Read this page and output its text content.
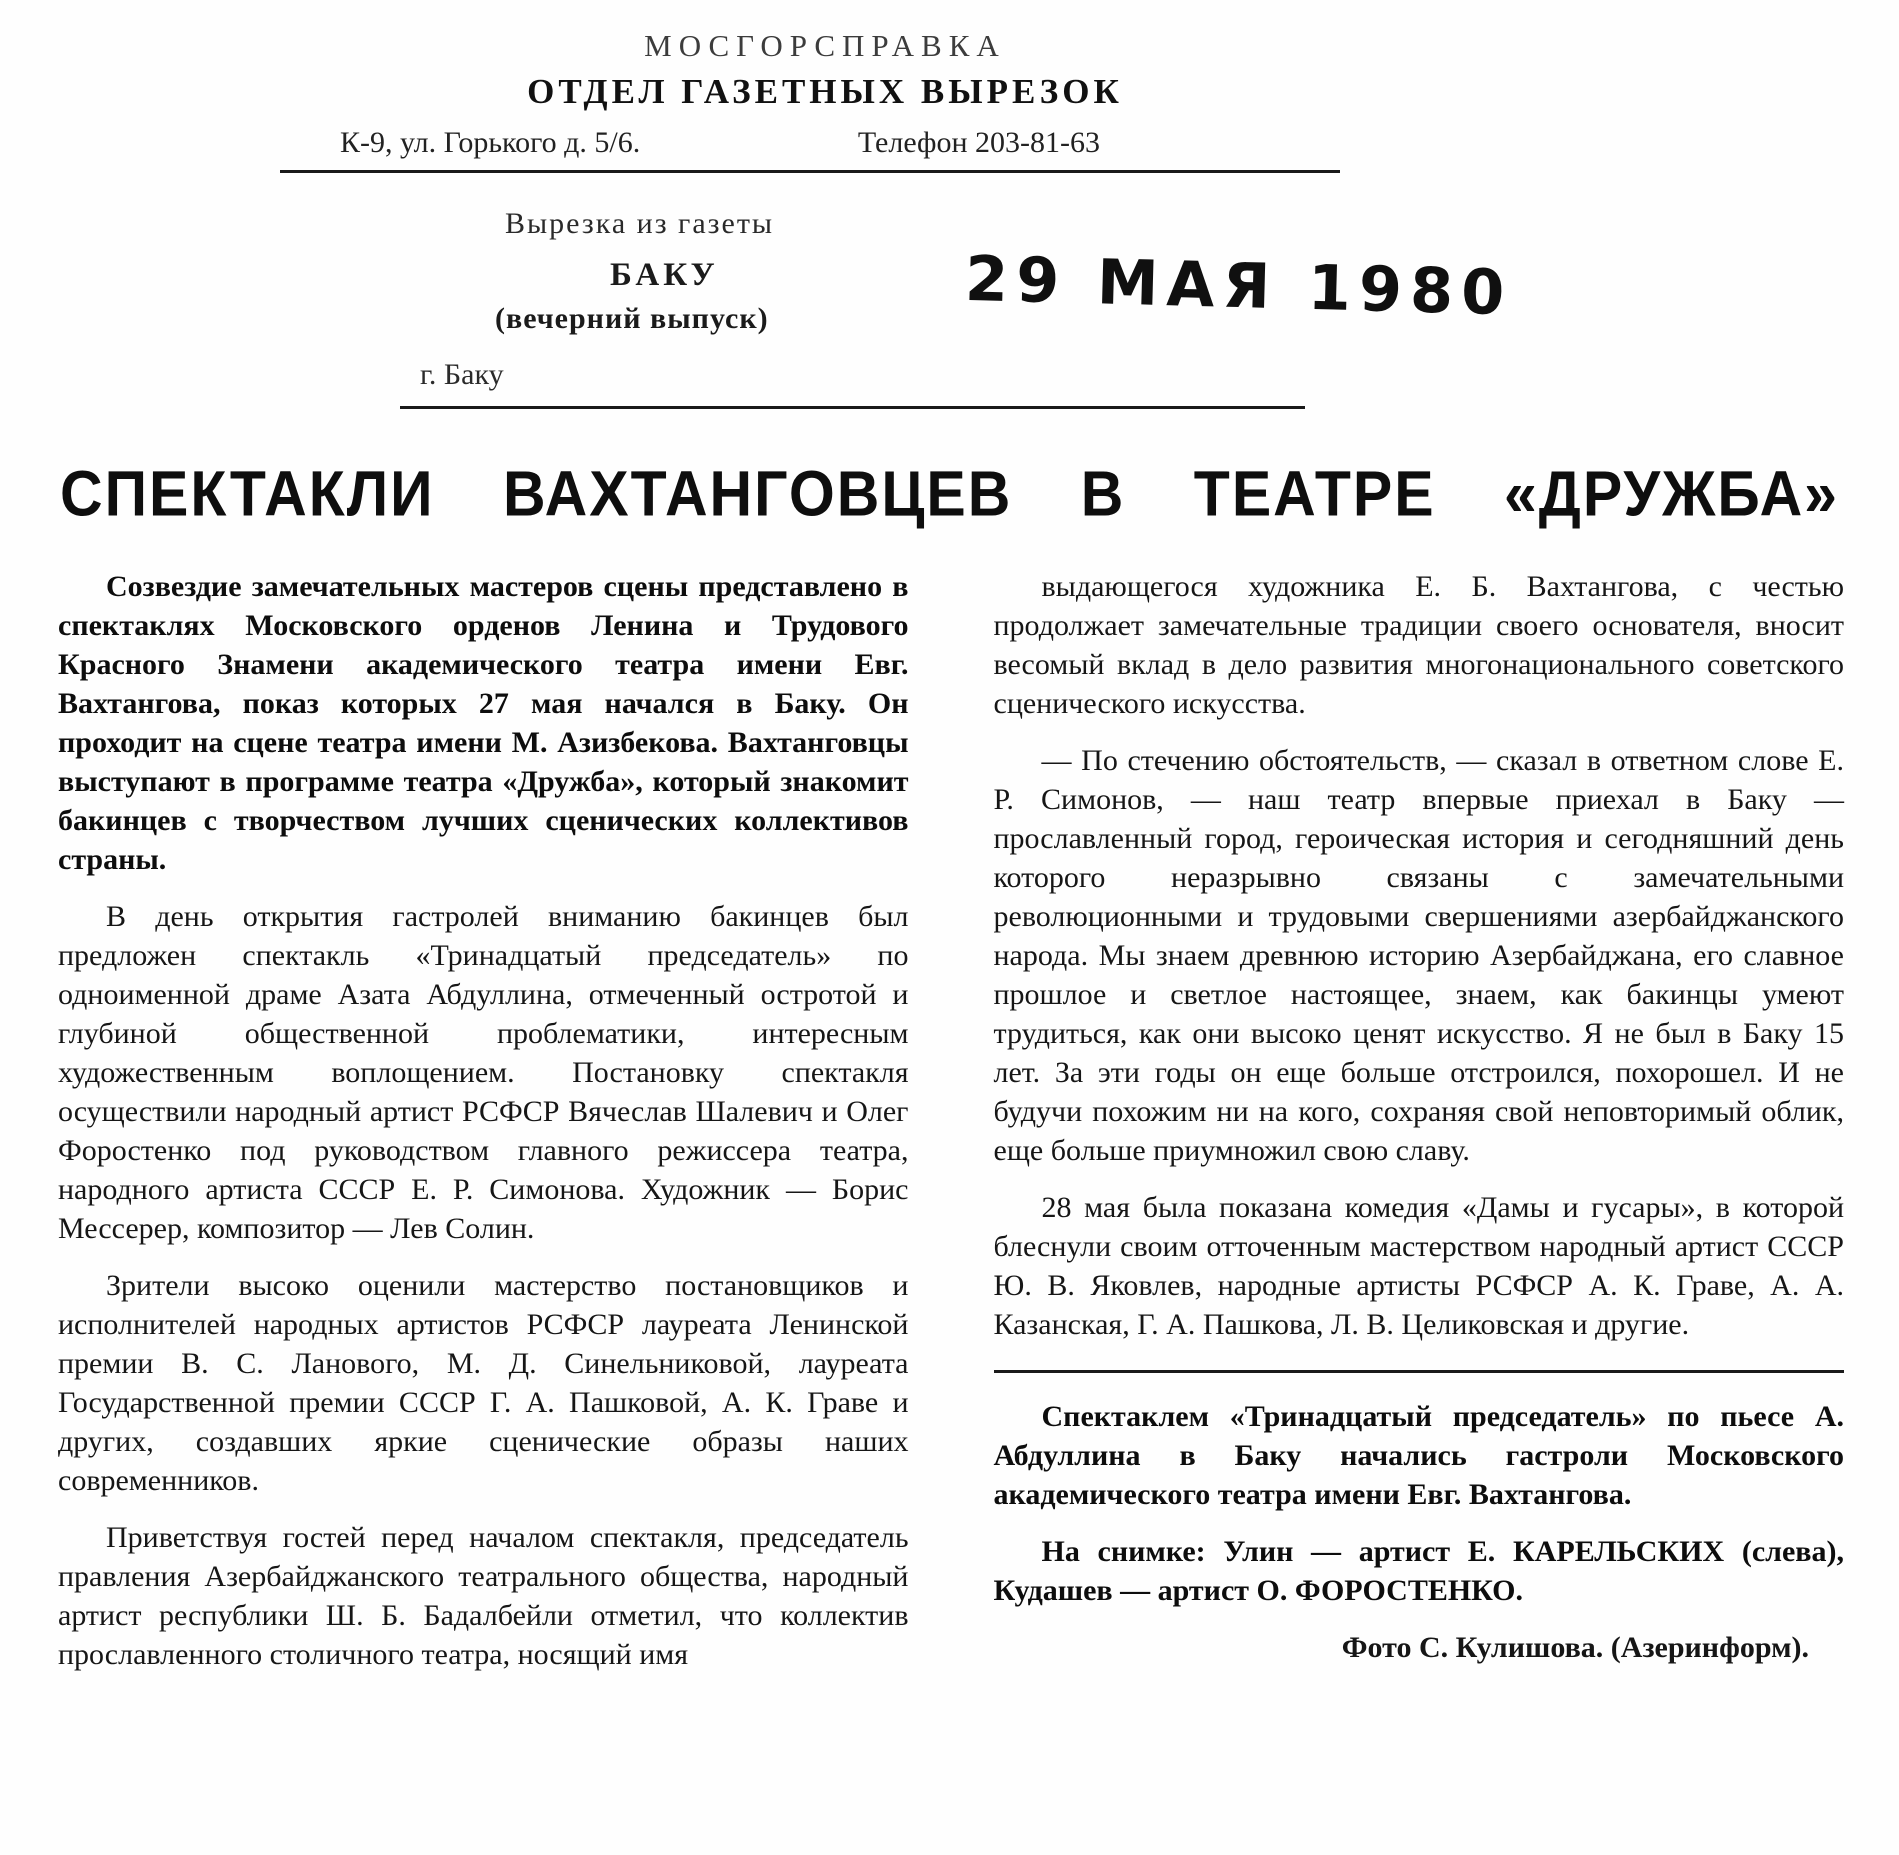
МОСГОРСПРАВКА
ОТДЕЛ ГАЗЕТНЫХ ВЫРЕЗОК
К-9, ул. Горького д. 5/6.	Телефон 203-81-63
Вырезка из газеты
29 МАЯ 1980
БАКУ
(вечерний выпуск)
г. Баку
СПЕКТАКЛИ ВАХТАНГОВЦЕВ В ТЕАТРЕ «ДРУЖБА»

Созвездие замечательных мастеров сцены представлено в спектаклях Московского орденов Ленина и Трудового Красного Знамени академического театра имени Евг. Вахтангова, показ которых 27 мая начался в Баку. Он проходит на сцене театра имени М. Азизбекова. Вахтанговцы выступают в программе театра «Дружба», который знакомит бакинцев с творчеством лучших сценических коллективов страны.

В день открытия гастролей вниманию бакинцев был предложен спектакль «Тринадцатый председатель» по одноименной драме Азата Абдуллина, отмеченный остротой и глубиной общественной проблематики, интересным художественным воплощением. Постановку спектакля осуществили народный артист РСФСР Вячеслав Шалевич и Олег Форостенко под руководством главного режиссера театра, народного артиста СССР Е. Р. Симонова. Художник — Борис Мессерер, композитор — Лев Солин.

Зрители высоко оценили мастерство постановщиков и исполнителей народных артистов РСФСР лауреата Ленинской премии В. С. Ланового, М. Д. Синельниковой, лауреата Государственной премии СССР Г. А. Пашковой, А. К. Граве и других, создавших яркие сценические образы наших современников.

Приветствуя гостей перед началом спектакля, председатель правления Азербайджанского театрального общества, народный артист республики Ш. Б. Бадалбейли отметил, что коллектив прославленного столичного театра, носящий имя

выдающегося художника Е. Б. Вахтангова, с честью продолжает замечательные традиции своего основателя, вносит весомый вклад в дело развития многонационального советского сценического искусства.

— По стечению обстоятельств, — сказал в ответном слове Е. Р. Симонов, — наш театр впервые приехал в Баку — прославленный город, героическая история и сегодняшний день которого неразрывно связаны с замечательными революционными и трудовыми свершениями азербайджанского народа. Мы знаем древнюю историю Азербайджана, его славное прошлое и светлое настоящее, знаем, как бакинцы умеют трудиться, как они высоко ценят искусство. Я не был в Баку 15 лет. За эти годы он еще больше отстроился, похорошел. И не будучи похожим ни на кого, сохраняя свой неповторимый облик, еще больше приумножил свою славу.

28 мая была показана комедия «Дамы и гусары», в которой блеснули своим отточенным мастерством народный артист СССР Ю. В. Яковлев, народные артисты РСФСР А. К. Граве, А. А. Казанская, Г. А. Пашкова, Л. В. Целиковская и другие.

Спектаклем «Тринадцатый председатель» по пьесе А. Абдуллина в Баку начались гастроли Московского академического театра имени Евг. Вахтангова.

На снимке: Улин — артист Е. КАРЕЛЬСКИХ (слева), Кудашев — артист О. ФОРОСТЕНКО.

Фото С. Кулишова. (Азеринформ).
